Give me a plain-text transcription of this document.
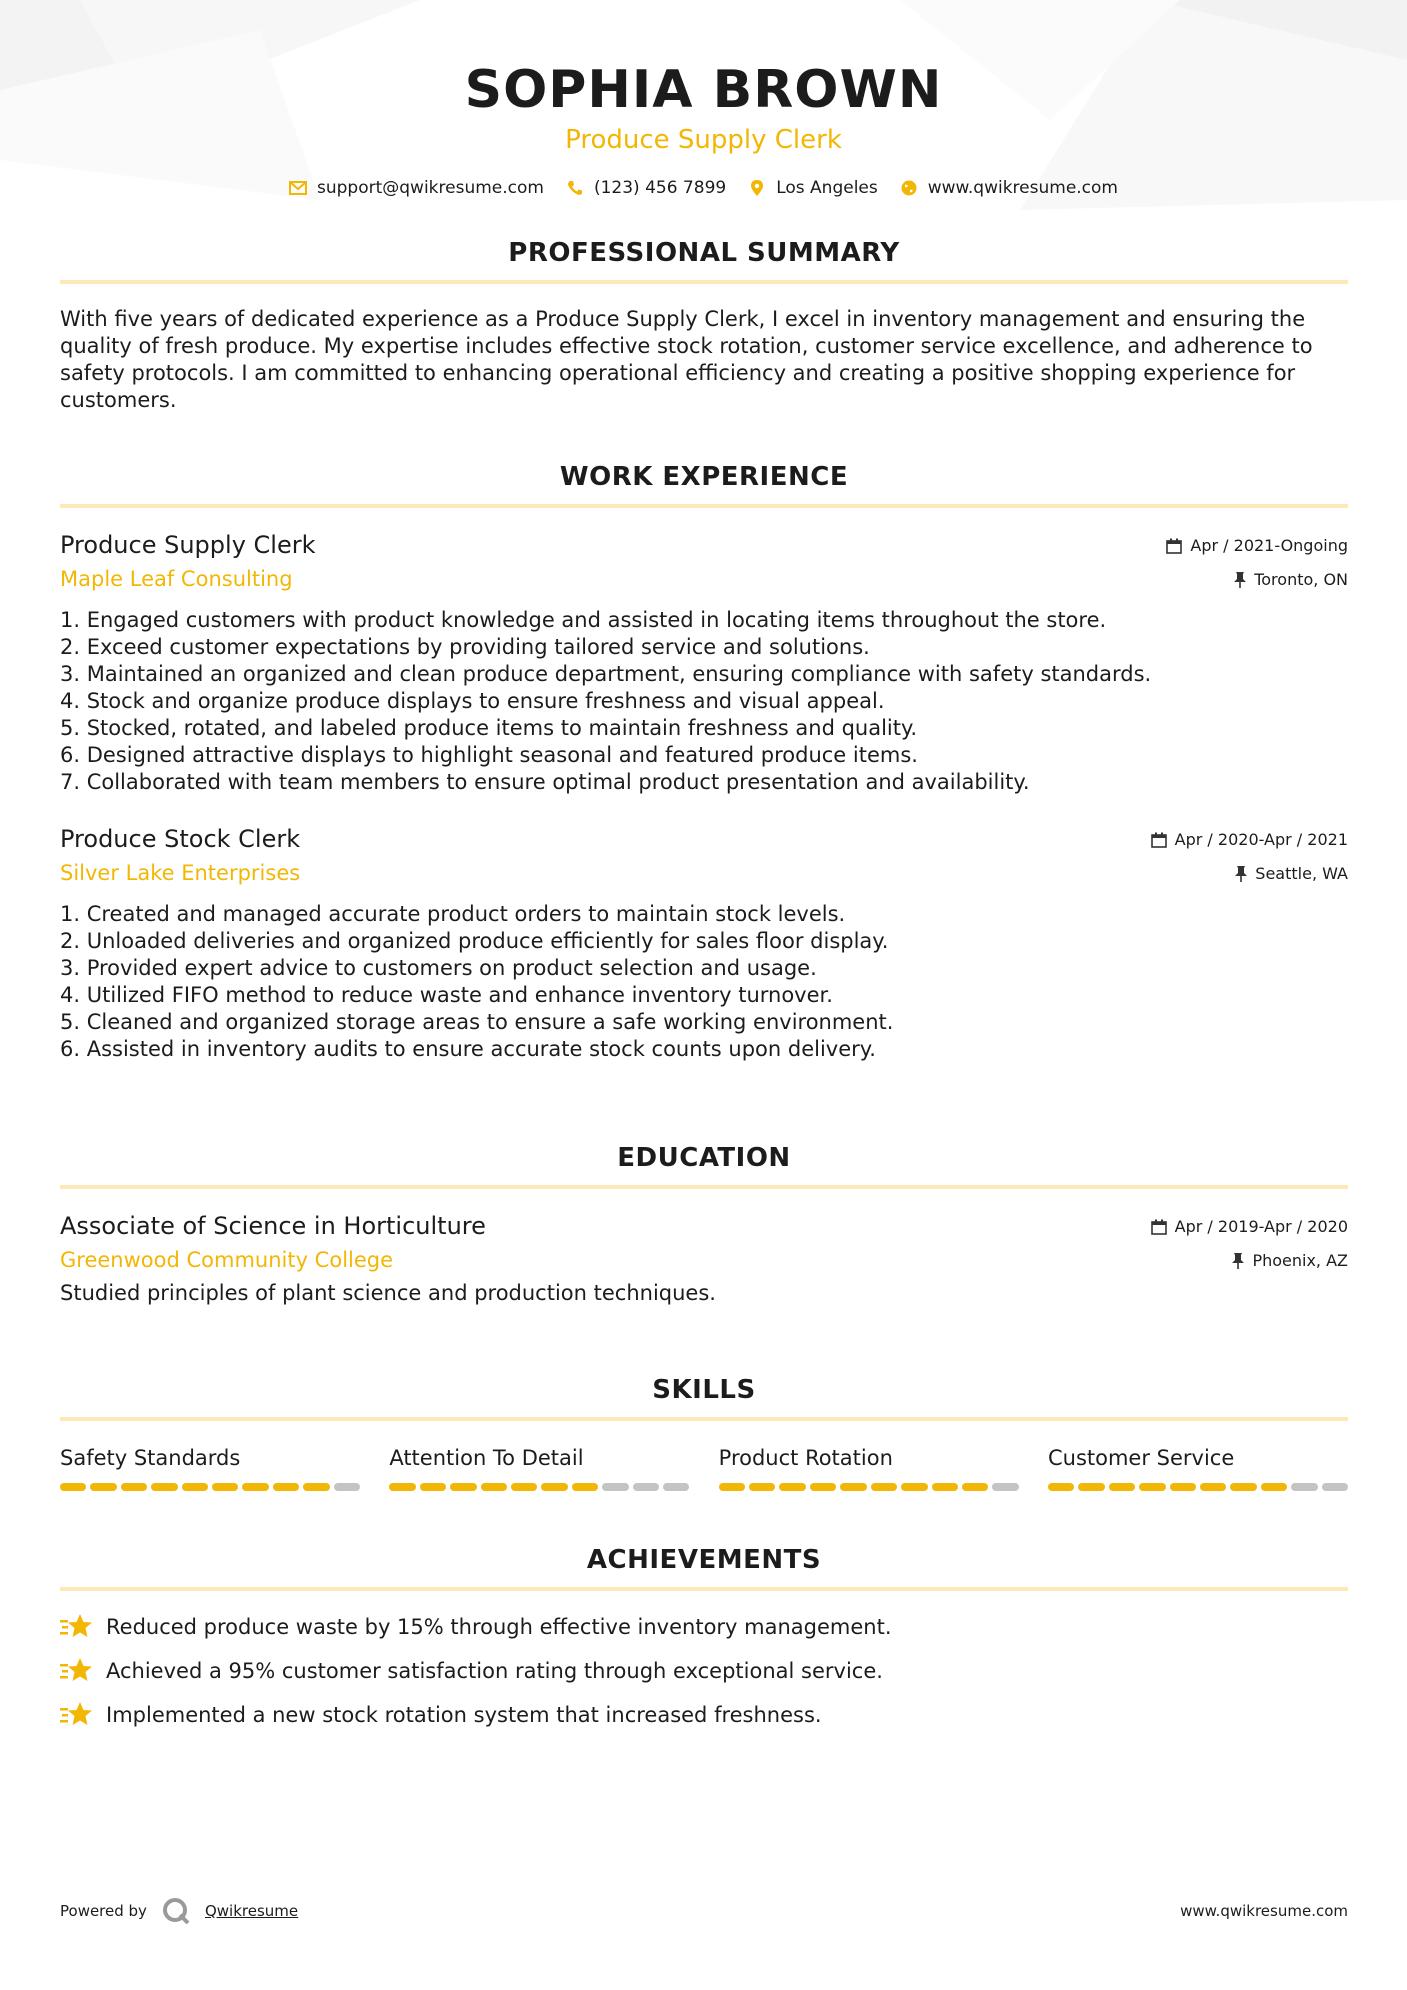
SOPHIA BROWN
Produce Supply Clerk
support@qwikresume.com	(123) 456 7899	Los Angeles	www.qwikresume.com
PROFESSIONAL SUMMARY
With five years of dedicated experience as a Produce Supply Clerk, I excel in inventory management and ensuring the
quality of fresh produce. My expertise includes effective stock rotation, customer service excellence, and adherence to
safety protocols. I am committed to enhancing operational efficiency and creating a positive shopping experience for
customers.
WORK EXPERIENCE
Produce Supply Clerk
Maple Leaf Consulting
Apr / 2021-Ongoing
Toronto, ON
1. Engaged customers with product knowledge and assisted in locating items throughout the store.
2. Exceed customer expectations by providing tailored service and solutions.
3. Maintained an organized and clean produce department, ensuring compliance with safety standards.
4. Stock and organize produce displays to ensure freshness and visual appeal.
5. Stocked, rotated, and labeled produce items to maintain freshness and quality.
6. Designed attractive displays to highlight seasonal and featured produce items.
7. Collaborated with team members to ensure optimal product presentation and availability.
Produce Stock Clerk
Silver Lake Enterprises
Apr / 2020-Apr / 2021
Seattle, WA
1. Created and managed accurate product orders to maintain stock levels.
2. Unloaded deliveries and organized produce efficiently for sales floor display.
3. Provided expert advice to customers on product selection and usage.
4. Utilized FIFO method to reduce waste and enhance inventory turnover.
5. Cleaned and organized storage areas to ensure a safe working environment.
6. Assisted in inventory audits to ensure accurate stock counts upon delivery.
EDUCATION
Associate of Science in Horticulture
Greenwood Community College
Apr / 2019-Apr / 2020
Phoenix, AZ
Studied principles of plant science and production techniques.
SKILLS
Safety Standards	Attention To Detail	Product Rotation	Customer Service
ACHIEVEMENTS
Reduced produce waste by 15% through effective inventory management.
Achieved a 95% customer satisfaction rating through exceptional service.
Implemented a new stock rotation system that increased freshness.
Powered by	Qwikresume	www.qwikresume.com
